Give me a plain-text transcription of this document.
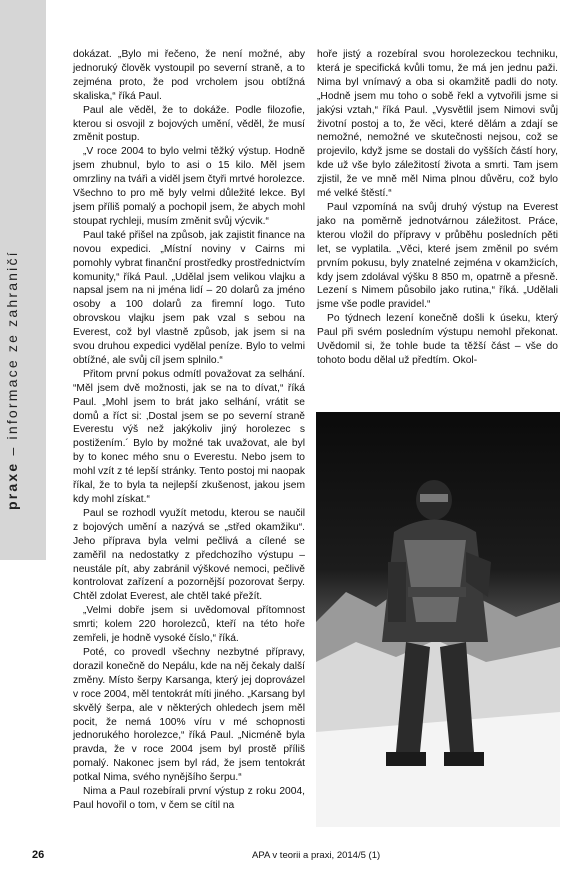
praxe – informace ze zahraničí

dokázat. „Bylo mi řečeno, že není možné, aby jednoruký člověk vystoupil po severní straně, a to zejména proto, že pod vrcholem jsou obtížná skaliska,“ říká Paul.

Paul ale věděl, že to dokáže. Podle filozofie, kterou si osvojil z bojových umění, věděl, že musí změnit postup.

„V roce 2004 to bylo velmi těžký výstup. Hodně jsem zhubnul, bylo to asi o 15 kilo. Měl jsem omrzliny na tváři a viděl jsem čtyři mrtvé horolezce. Všechno to pro mě byly velmi důležité lekce. Byl jsem příliš pomalý a pochopil jsem, že abych mohl stoupat rychleji, musím změnit svůj výcvik.“

Paul také přišel na způsob, jak zajistit finance na novou expedici. „Místní noviny v Cairns mi pomohly vybrat finanční prostředky prostřednictvím komunity,“ říká Paul. „Udělal jsem velikou vlajku a napsal jsem na ni jména lidí – 20 dolarů za jméno osoby a 100 dolarů za firemní logo. Tuto obrovskou vlajku jsem pak vzal s sebou na Everest, což byl vlastně způsob, jak jsem si na svou druhou expedici vydělal peníze. Bylo to velmi obtížné, ale svůj cíl jsem splnilo.“

Přitom první pokus odmítl považovat za selhání. “Měl jsem dvě možnosti, jak se na to dívat,“ říká Paul. „Mohl jsem to brát jako selhání, vrátit se domů a říct si: ‚Dostal jsem se po severní straně Everestu výš než jakýkoliv jiný horolezec s postižením.´ Bylo by možné tak uvažovat, ale byl by to konec mého snu o Everestu. Nebo jsem to mohl vzít z té lepší stránky. Tento postoj mi naopak říkal, že to byla ta nejlepší zkušenost, jakou jsem kdy mohl získat.“

Paul se rozhodl využít metodu, kterou se naučil z bojových umění a nazývá se „střed okamžiku“. Jeho příprava byla velmi pečlivá a cílené se zaměřil na nedostatky z předchozího výstupu – neustále pít, aby zabránil výškové nemoci, pečlivě kontrolovat zařízení a pozornější pozorovat šerpy. Chtěl zdolat Everest, ale chtěl také přežít.

„Velmi dobře jsem si uvědomoval přítomnost smrti; kolem 220 horolezců, kteří na této hoře zemřeli, je hodně vysoké číslo,“ říká.

Poté, co provedl všechny nezbytné přípravy, dorazil konečně do Nepálu, kde na něj čekaly další změny. Místo šerpy Karsanga, který jej doprovázel v roce 2004, měl tentokrát míti jiného. „Karsang byl skvělý šerpa, ale v některých ohledech jsem měl pocit, že nemá 100% víru v mé schopnosti jednorukého horolezce,“ říká Paul. „Nicméně byla pravda, že v roce 2004 jsem byl prostě příliš pomalý. Nakonec jsem byl rád, že jsem tentokrát potkal Nima, svého nynějšího šerpu.“

Nima a Paul rozebírali první výstup z roku 2004, Paul hovořil o tom, v čem se cítil na

hoře jistý a rozebíral svou horolezeckou techniku, která je specifická kvůli tomu, že má jen jednu paži. Nima byl vnímavý a oba si okamžitě padli do noty. „Hodně jsem mu toho o sobě řekl a vytvořili jsme si jakýsi vztah,“ říká Paul. „Vysvětlil jsem Nimovi svůj životní postoj a to, že věci, které dělám a zdají se nemožné, nemožné ve skutečnosti nejsou, což se projevilo, když jsme se dostali do vyšších částí hory, kde už vše bylo záležitostí života a smrti. Tam jsem zjistil, že ve mně měl Nima plnou důvěru, což bylo mé velké štěstí.“

Paul vzpomíná na svůj druhý výstup na Everest jako na poměrně jednotvárnou záležitost. Práce, kterou vložil do přípravy v průběhu posledních pěti let, se vyplatila. „Věci, které jsem změnil po svém prvním pokusu, byly znatelné zejména v okamžicích, kdy jsem zdolával výšku 8 850 m, opatrně a přesně. Lezení s Nimem působilo jako rutina,“ říká. „Udělali jsme vše podle pravidel.“

Po týdnech lezení konečně došli k úseku, který Paul při svém posledním výstupu nemohl překonat. Uvědomil si, že tohle bude ta těžší část – vše do tohoto bodu dělal už předtím. Okol-

26	APA v teorii a praxi, 2014/5 (1)
